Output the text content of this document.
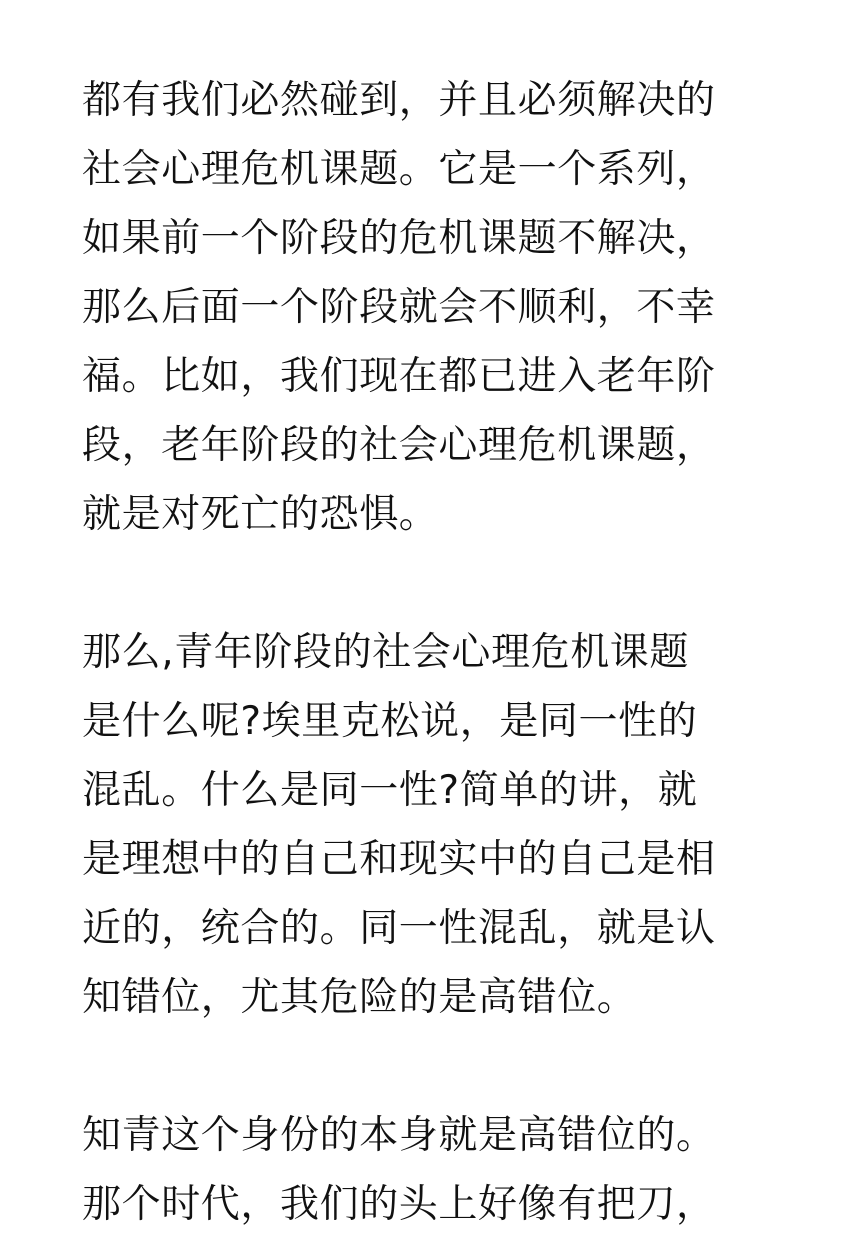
都有我们必然碰到，并且必须解决的
社会心理危机课题。它是一个系列，
如果前一个阶段的危机课题不解决，
那么后面一个阶段就会不顺利，不幸
福。比如，我们现在都已进入老年阶
段，老年阶段的社会心理危机课题，
就是对死亡的恐惧。
那么,青年阶段的社会心理危机课题
是什么呢?埃里克松说，是同一性的
混乱。什么是同一性?简单的讲，就
是理想中的自己和现实中的自己是相
近的，统合的。同一性混乱，就是认
知错位，尤其危险的是高错位。
知青这个身份的本身就是高错位的。
那个时代，我们的头上好像有把刀，
